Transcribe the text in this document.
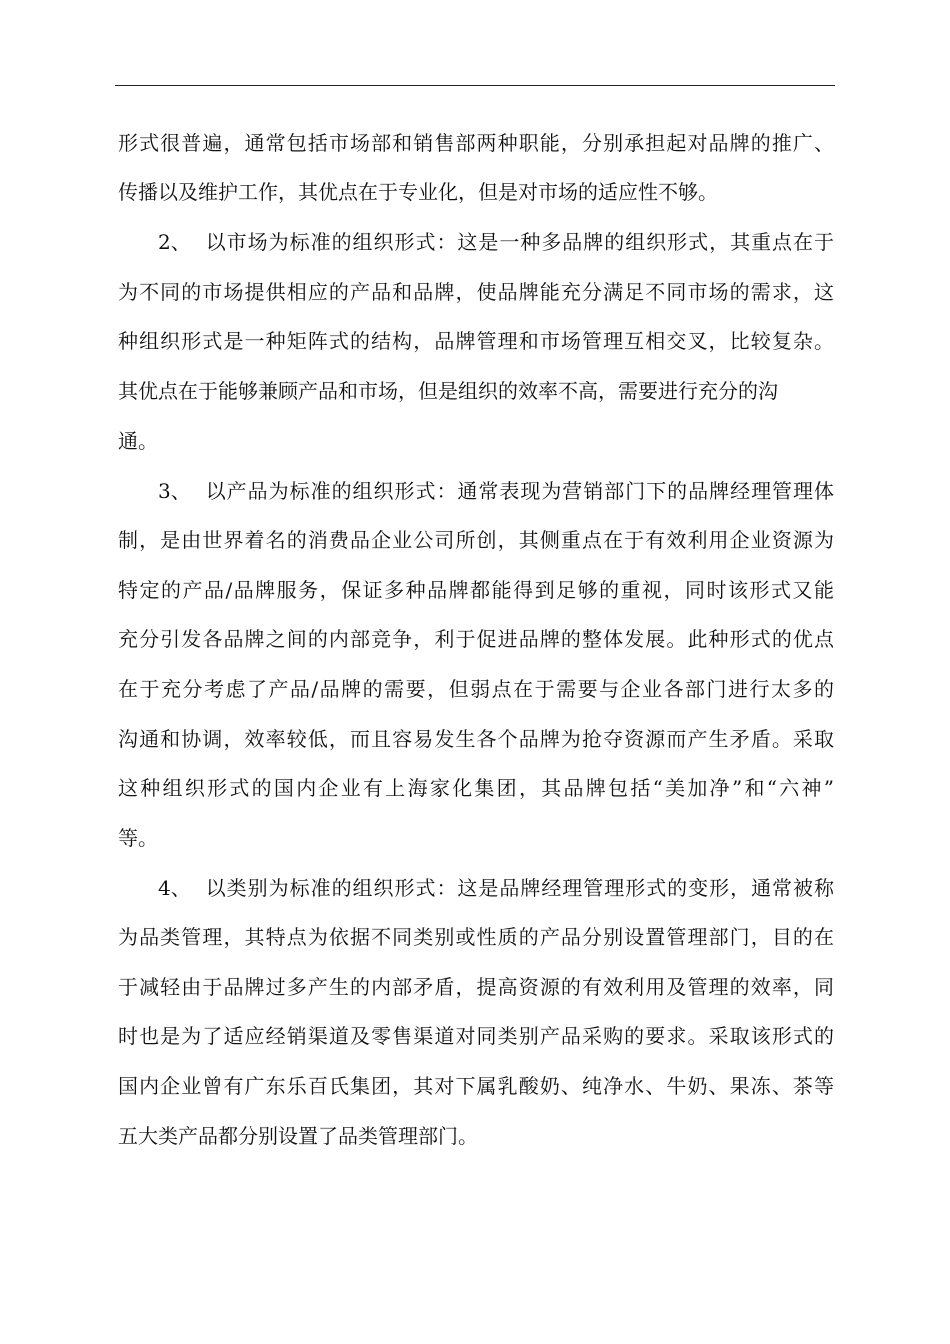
形式很普遍，通常包括市场部和销售部两种职能，分别承担起对品牌的推广、
传播以及维护工作，其优点在于专业化，但是对市场的适应性不够。
2、 以市场为标准的组织形式：这是一种多品牌的组织形式，其重点在于
为不同的市场提供相应的产品和品牌，使品牌能充分满足不同市场的需求，这
种组织形式是一种矩阵式的结构，品牌管理和市场管理互相交叉，比较复杂。
其优点在于能够兼顾产品和市场，但是组织的效率不高，需要进行充分的沟
通。
3、 以产品为标准的组织形式：通常表现为营销部门下的品牌经理管理体
制，是由世界着名的消费品企业公司所创，其侧重点在于有效利用企业资源为
特定的产品/品牌服务，保证多种品牌都能得到足够的重视，同时该形式又能
充分引发各品牌之间的内部竞争，利于促进品牌的整体发展。此种形式的优点
在于充分考虑了产品/品牌的需要，但弱点在于需要与企业各部门进行太多的
沟通和协调，效率较低，而且容易发生各个品牌为抢夺资源而产生矛盾。采取
这种组织形式的国内企业有上海家化集团，其品牌包括“美加净”和“六神”
等。
4、 以类别为标准的组织形式：这是品牌经理管理形式的变形，通常被称
为品类管理，其特点为依据不同类别或性质的产品分别设置管理部门，目的在
于减轻由于品牌过多产生的内部矛盾，提高资源的有效利用及管理的效率，同
时也是为了适应经销渠道及零售渠道对同类别产品采购的要求。采取该形式的
国内企业曾有广东乐百氏集团，其对下属乳酸奶、纯净水、牛奶、果冻、茶等
五大类产品都分别设置了品类管理部门。
